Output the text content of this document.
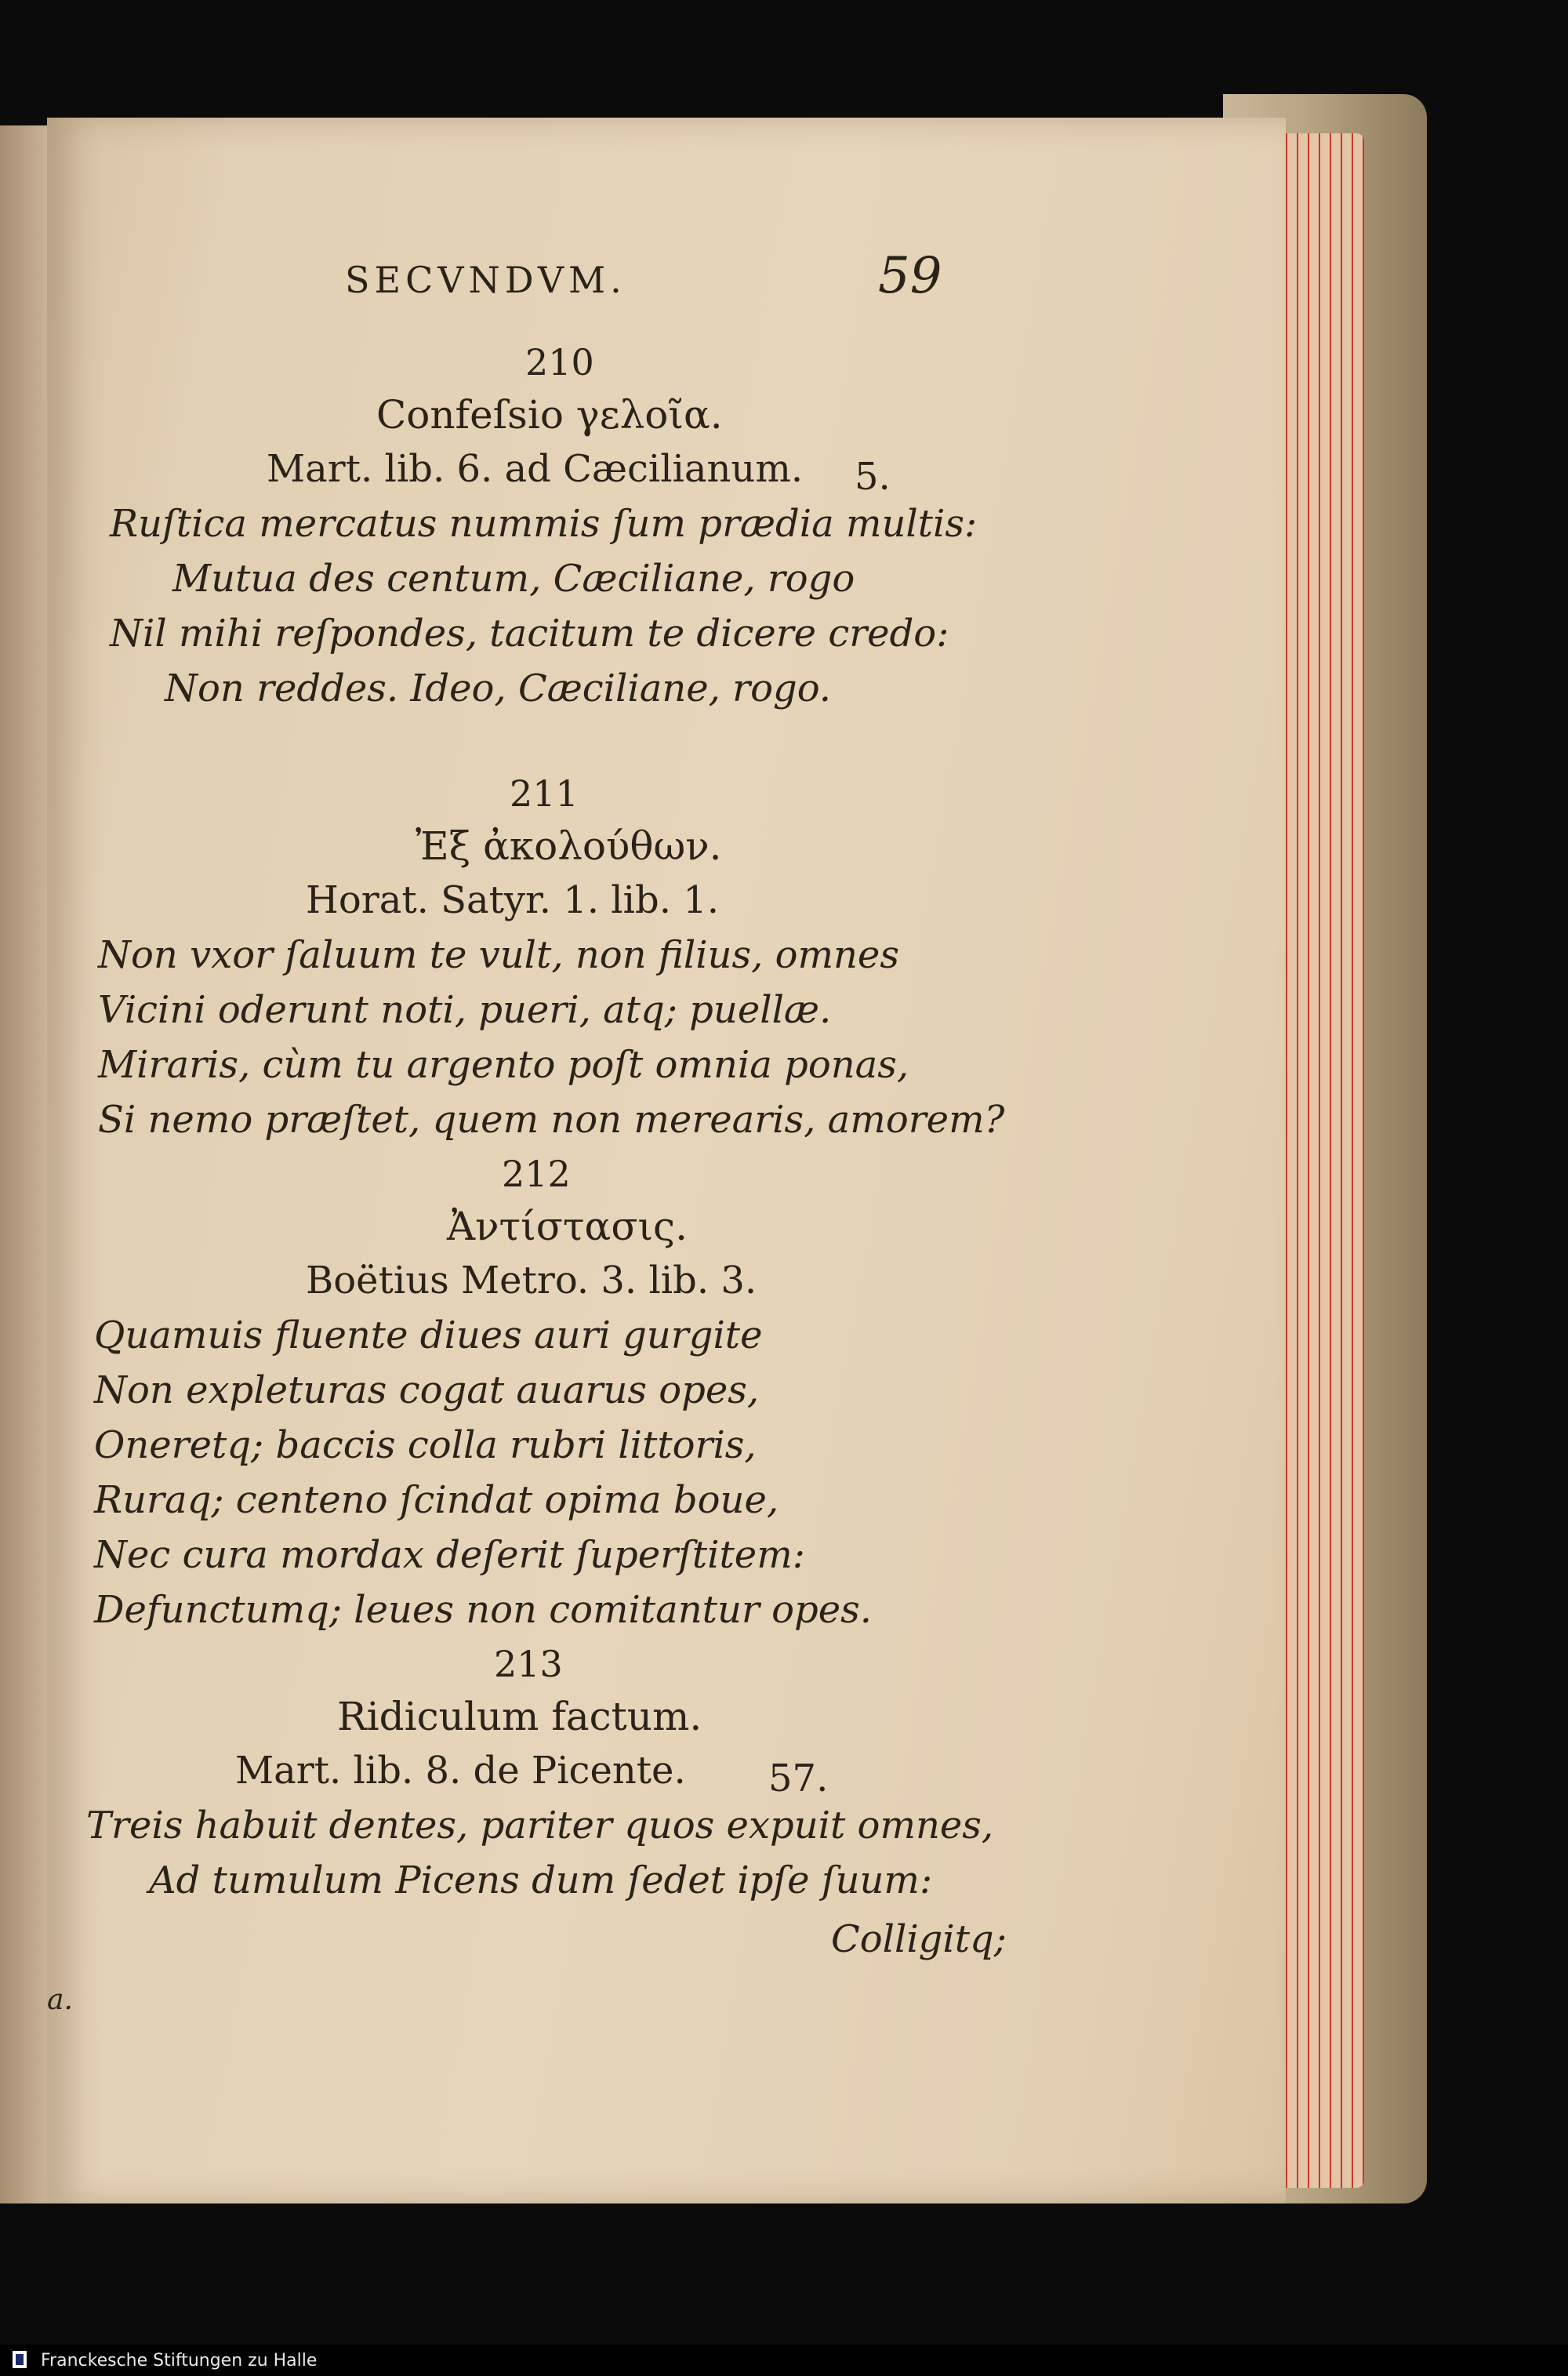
a.
SECVNDVM.	59
210
Confeſsio γελοῖα.
Mart. lib. 6. ad Cæcilianum. 5.
Ruſtica mercatus nummis ſum prædia multis:
Mutua des centum, Cæciliane, rogo
Nil mihi reſpondes, tacitum te dicere credo:
Non reddes. Ideo, Cæciliane, rogo.
211
Ἐξ ἀκολούθων.
Horat. Satyr. 1. lib. 1.
Non vxor ſaluum te vult, non filius, omnes
Vicini oderunt noti, pueri, atq; puellæ.
Miraris, cùm tu argento poſt omnia ponas,
Si nemo præſtet, quem non merearis, amorem?
212
Ἀντίστασις.
Boëtius Metro. 3. lib. 3.
Quamuis fluente diues auri gurgite
Non expleturas cogat auarus opes,
Oneretq; baccis colla rubri littoris,
Ruraq; centeno ſcindat opima boue,
Nec cura mordax deſerit ſuperſtitem:
Defunctumq; leues non comitantur opes.
213
Ridiculum factum.
Mart. lib. 8. de Picente. 57.
Treis habuit dentes, pariter quos expuit omnes,
Ad tumulum Picens dum ſedet ipſe ſuum:
Colligitq;
Franckesche Stiftungen zu Halle
